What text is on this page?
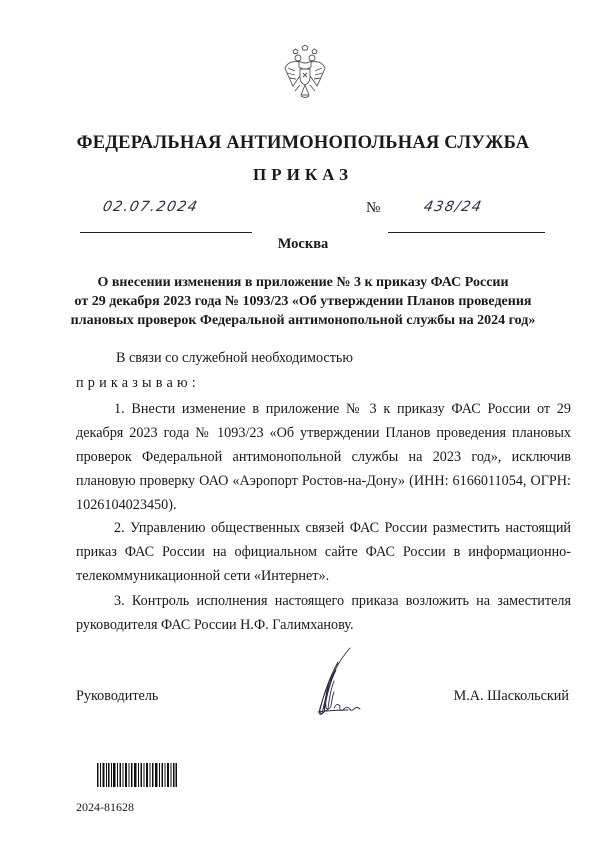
ФЕДЕРАЛЬНАЯ АНТИМОНОПОЛЬНАЯ СЛУЖБА
ПРИКАЗ
02.07.2024	№	438/24
Москва
О внесении изменения в приложение № 3 к приказу ФАС России
от 29 декабря 2023 года № 1093/23 «Об утверждении Планов проведения
плановых проверок Федеральной антимонопольной службы на 2024 год»
В связи со служебной необходимостью
приказываю:
1. Внести изменение в приложение № 3 к приказу ФАС России от 29 декабря 2023 года № 1093/23 «Об утверждении Планов проведения плановых проверок Федеральной антимонопольной службы на 2023 год», исключив плановую проверку ОАО «Аэропорт Ростов-на-Дону» (ИНН: 6166011054, ОГРН: 1026104023450).
2. Управлению общественных связей ФАС России разместить настоящий приказ ФАС России на официальном сайте ФАС России в информационно-телекоммуникационной сети «Интернет».
3. Контроль исполнения настоящего приказа возложить на заместителя руководителя ФАС России Н.Ф. Галимханову.
Руководитель	М.А. Шаскольский
2024-81628
